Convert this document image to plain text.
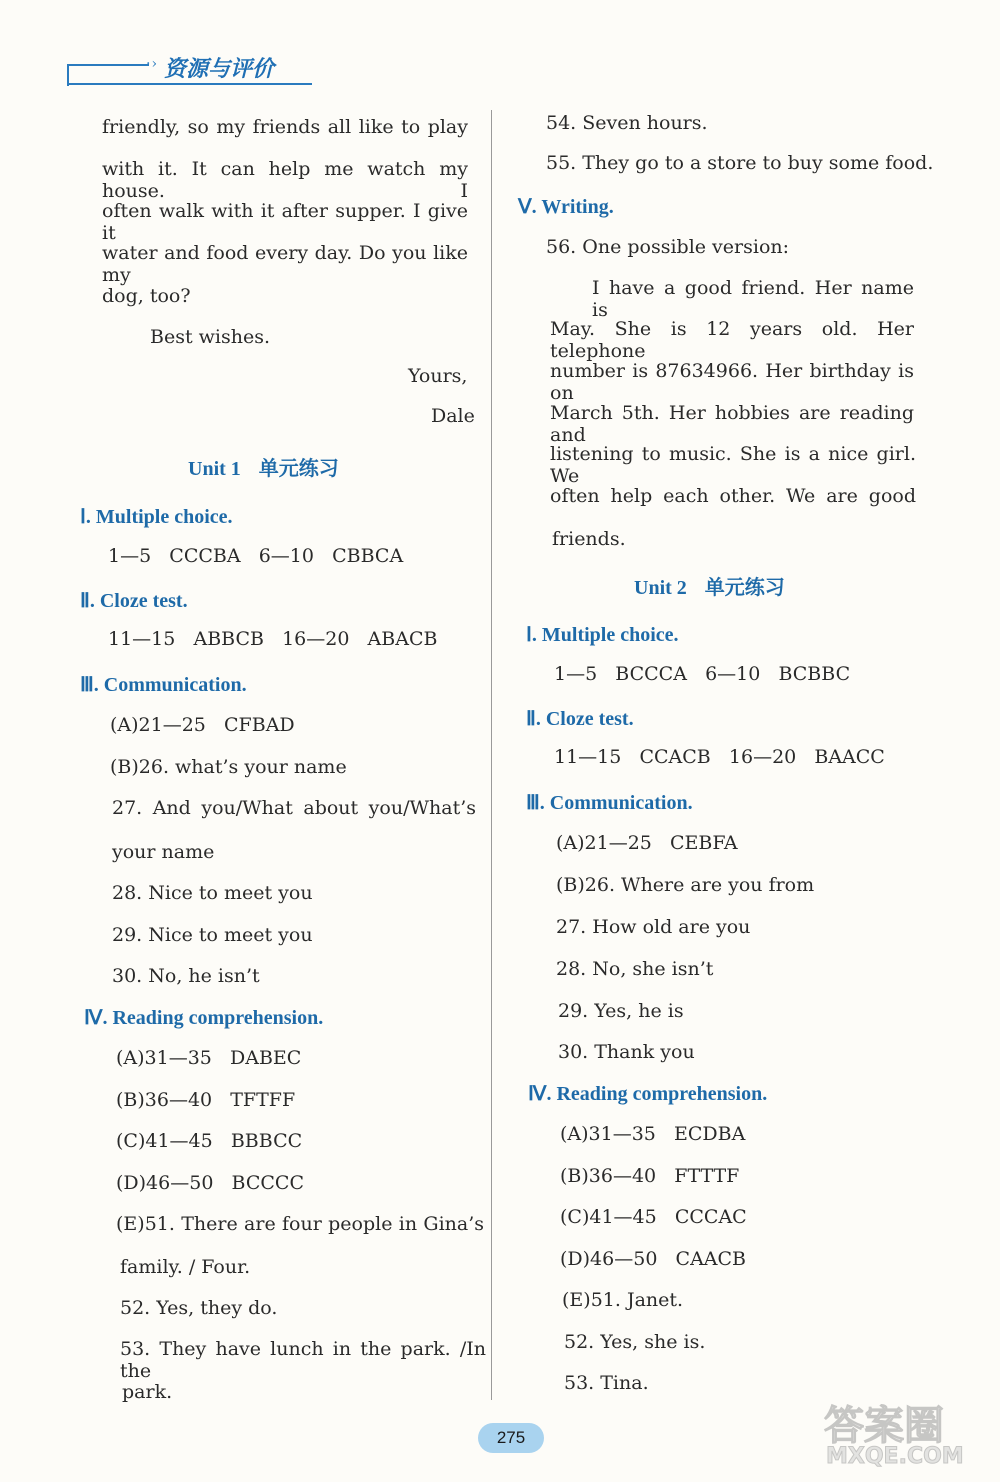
·› 资源与评价
friendly, so my friends all like to play
with it. It can help me watch my house. I
often walk with it after supper. I give it
water and food every day. Do you like my
dog, too?
Best wishes.
Yours,
Dale
Unit 1 单元练习
Ⅰ. Multiple choice.
1—5   CCCBA   6—10   CBBCA
Ⅱ. Cloze test.
11—15   ABBCB   16—20   ABACB
Ⅲ. Communication.
(A)21—25   CFBAD
(B)26. what’s your name
27. And you/What about you/What’s
your name
28. Nice to meet you
29. Nice to meet you
30. No, he isn’t
Ⅳ. Reading comprehension.
(A)31—35   DABEC
(B)36—40   TFTFF
(C)41—45   BBBCC
(D)46—50   BCCCC
(E)51. There are four people in Gina’s
family. / Four.
52. Yes, they do.
53. They have lunch in the park. /In the
park.
54. Seven hours.
55. They go to a store to buy some food.
Ⅴ. Writing.
56. One possible version:
I have a good friend. Her name is
May. She is 12 years old. Her telephone
number is 87634966. Her birthday is on
March 5th. Her hobbies are reading and
listening to music. She is a nice girl. We
often help each other. We are good
friends.
Unit 2 单元练习
Ⅰ. Multiple choice.
1—5   BCCCA   6—10   BCBBC
Ⅱ. Cloze test.
11—15   CCACB   16—20   BAACC
Ⅲ. Communication.
(A)21—25   CEBFA
(B)26. Where are you from
27. How old are you
28. No, she isn’t
29. Yes, he is
30. Thank you
Ⅳ. Reading comprehension.
(A)31—35   ECDBA
(B)36—40   FTTTF
(C)41—45   CCCAC
(D)46—50   CAACB
(E)51. Janet.
52. Yes, she is.
53. Tina.
275	答案圈
MXQE.COM
